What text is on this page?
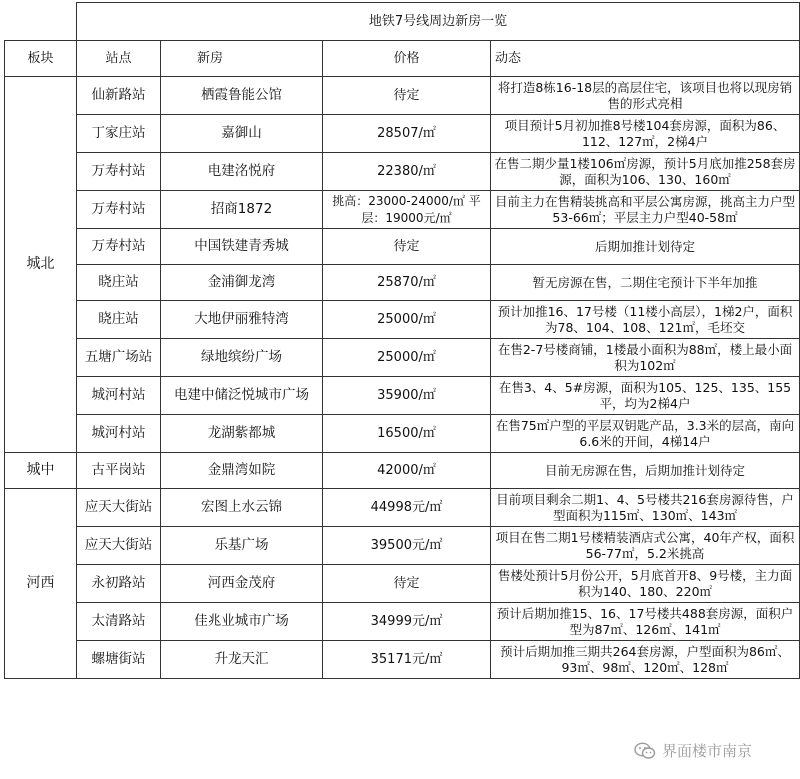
	地铁7号线周边新房一览			
板块	站点	新房	价格	动态
城北	仙新路站	栖霞鲁能公馆	待定	将打造8栋16-18层的高层住宅，该项目也将以现房销售的形式亮相
	丁家庄站	嘉御山	28507/㎡	项目预计5月初加推8号楼104套房源，面积为86、112、127㎡，2梯4户
	万寿村站	电建洺悦府	22380/㎡	在售二期少量1楼106㎡房源，预计5月底加推258套房源，面积为106、130、160㎡
	万寿村站	招商1872	挑高：23000-24000/㎡ 平层：19000元/㎡	目前主力在售精装挑高和平层公寓房源，挑高主力户型53-66㎡；平层主力户型40-58㎡
	万寿村站	中国铁建青秀城	待定	后期加推计划待定
	晓庄站	金浦御龙湾	25870/㎡	暂无房源在售，二期住宅预计下半年加推
	晓庄站	大地伊丽雅特湾	25000/㎡	预计加推16、17号楼（11楼小高层），1梯2户，面积为78、104、108、121㎡，毛坯交
	五塘广场站	绿地缤纷广场	25000/㎡	在售2-7号楼商铺，1楼最小面积为88㎡，楼上最小面积为102㎡
	城河村站	电建中储泛悦城市广场	35900/㎡	在售3、4、5#房源，面积为105、125、135、155平，均为2梯4户
	城河村站	龙湖紫都城	16500/㎡	在售75㎡户型的平层双钥匙产品，3.3米的层高，南向6.6米的开间，4梯14户
城中	古平岗站	金鼎湾如院	42000/㎡	目前无房源在售，后期加推计划待定
河西	应天大街站	宏图上水云锦	44998元/㎡	目前项目剩余二期1、4、5号楼共216套房源待售，户型面积为115㎡、130㎡、143㎡
	应天大街站	乐基广场	39500元/㎡	项目在售二期1号楼精装酒店式公寓，40年产权，面积56-77㎡，5.2米挑高
	永初路站	河西金茂府	待定	售楼处预计5月份公开，5月底首开8、9号楼，主力面积为140、180、220㎡
	太清路站	佳兆业城市广场	34999元/㎡	预计后期加推15、16、17号楼共488套房源，面积户型为87㎡、126㎡、141㎡
	螺塘街站	升龙天汇	35171元/㎡	预计后期加推三期共264套房源，户型面积为86㎡、93㎡、98㎡、120㎡、128㎡
界面楼市南京
